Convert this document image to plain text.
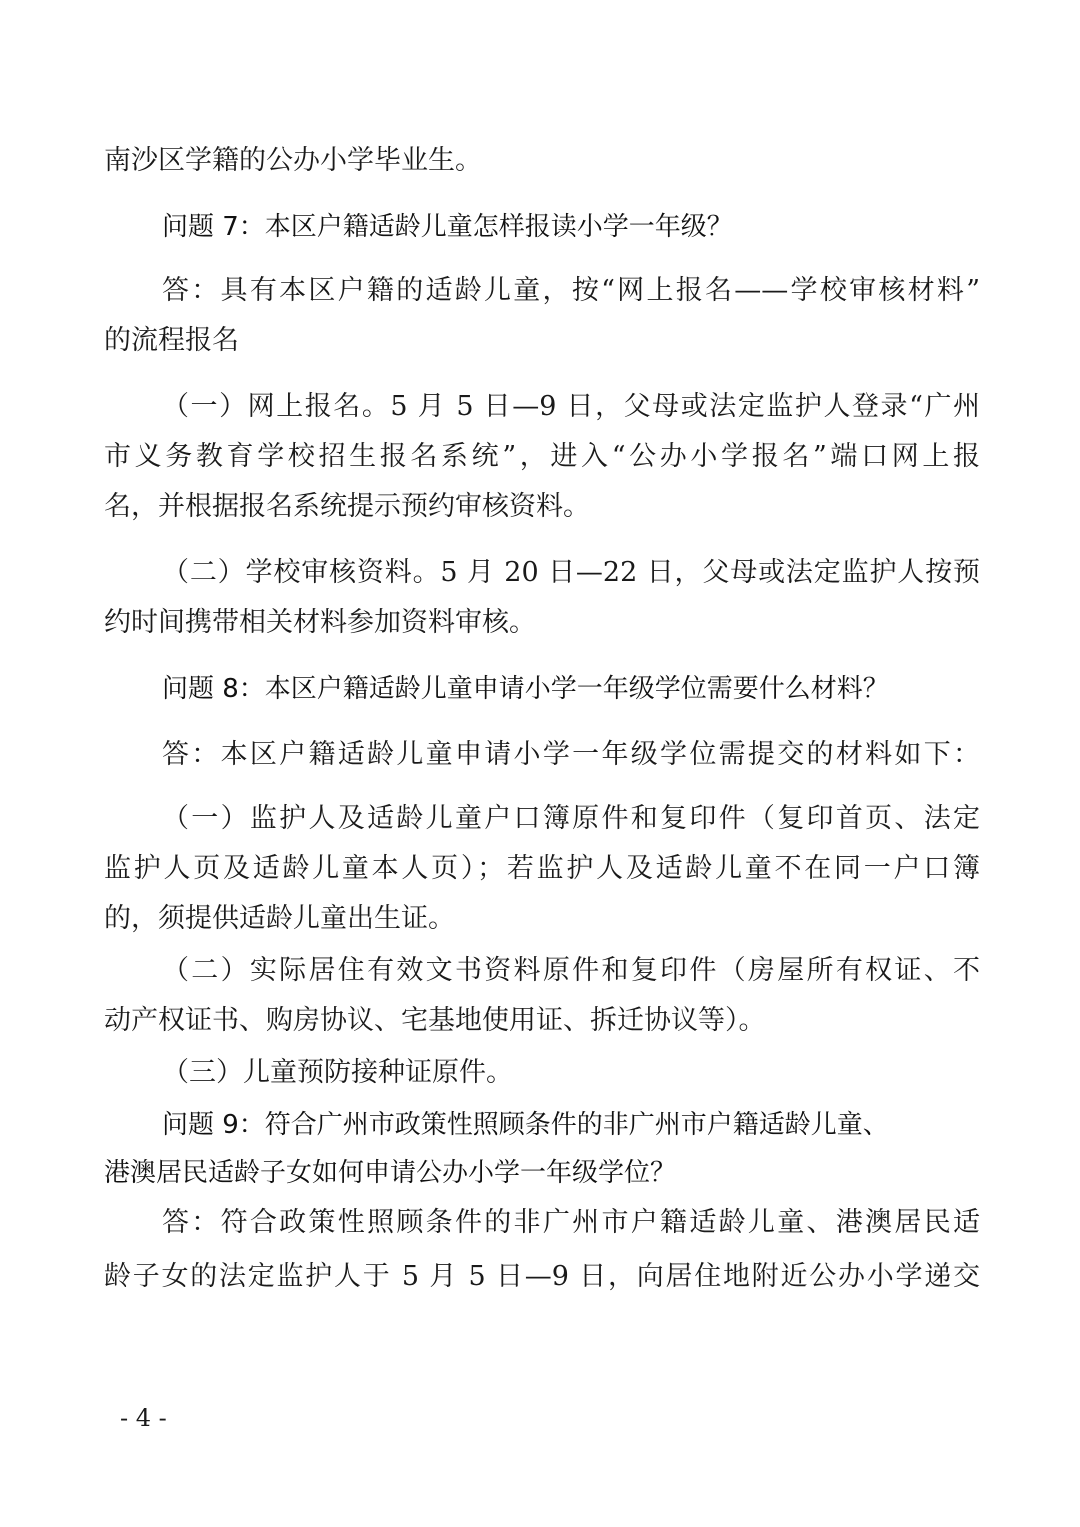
南沙区学籍的公办小学毕业生。
问题 7：本区户籍适龄儿童怎样报读小学一年级？
答：具有本区户籍的适龄儿童，按“网上报名——学校审核材料”
的流程报名
（一）网上报名。5 月 5 日—9 日，父母或法定监护人登录“广州
市义务教育学校招生报名系统”，进入“公办小学报名”端口网上报
名，并根据报名系统提示预约审核资料。
（二）学校审核资料。5 月 20 日—22 日，父母或法定监护人按预
约时间携带相关材料参加资料审核。
问题 8：本区户籍适龄儿童申请小学一年级学位需要什么材料？
答：本区户籍适龄儿童申请小学一年级学位需提交的材料如下：
（一）监护人及适龄儿童户口簿原件和复印件（复印首页、法定
监护人页及适龄儿童本人页）；若监护人及适龄儿童不在同一户口簿
的，须提供适龄儿童出生证。
（二）实际居住有效文书资料原件和复印件（房屋所有权证、不
动产权证书、购房协议、宅基地使用证、拆迁协议等）。
（三）儿童预防接种证原件。
问题 9：符合广州市政策性照顾条件的非广州市户籍适龄儿童、
港澳居民适龄子女如何申请公办小学一年级学位？
答：符合政策性照顾条件的非广州市户籍适龄儿童、港澳居民适
龄子女的法定监护人于 5 月 5 日—9 日，向居住地附近公办小学递交
- 4 -
